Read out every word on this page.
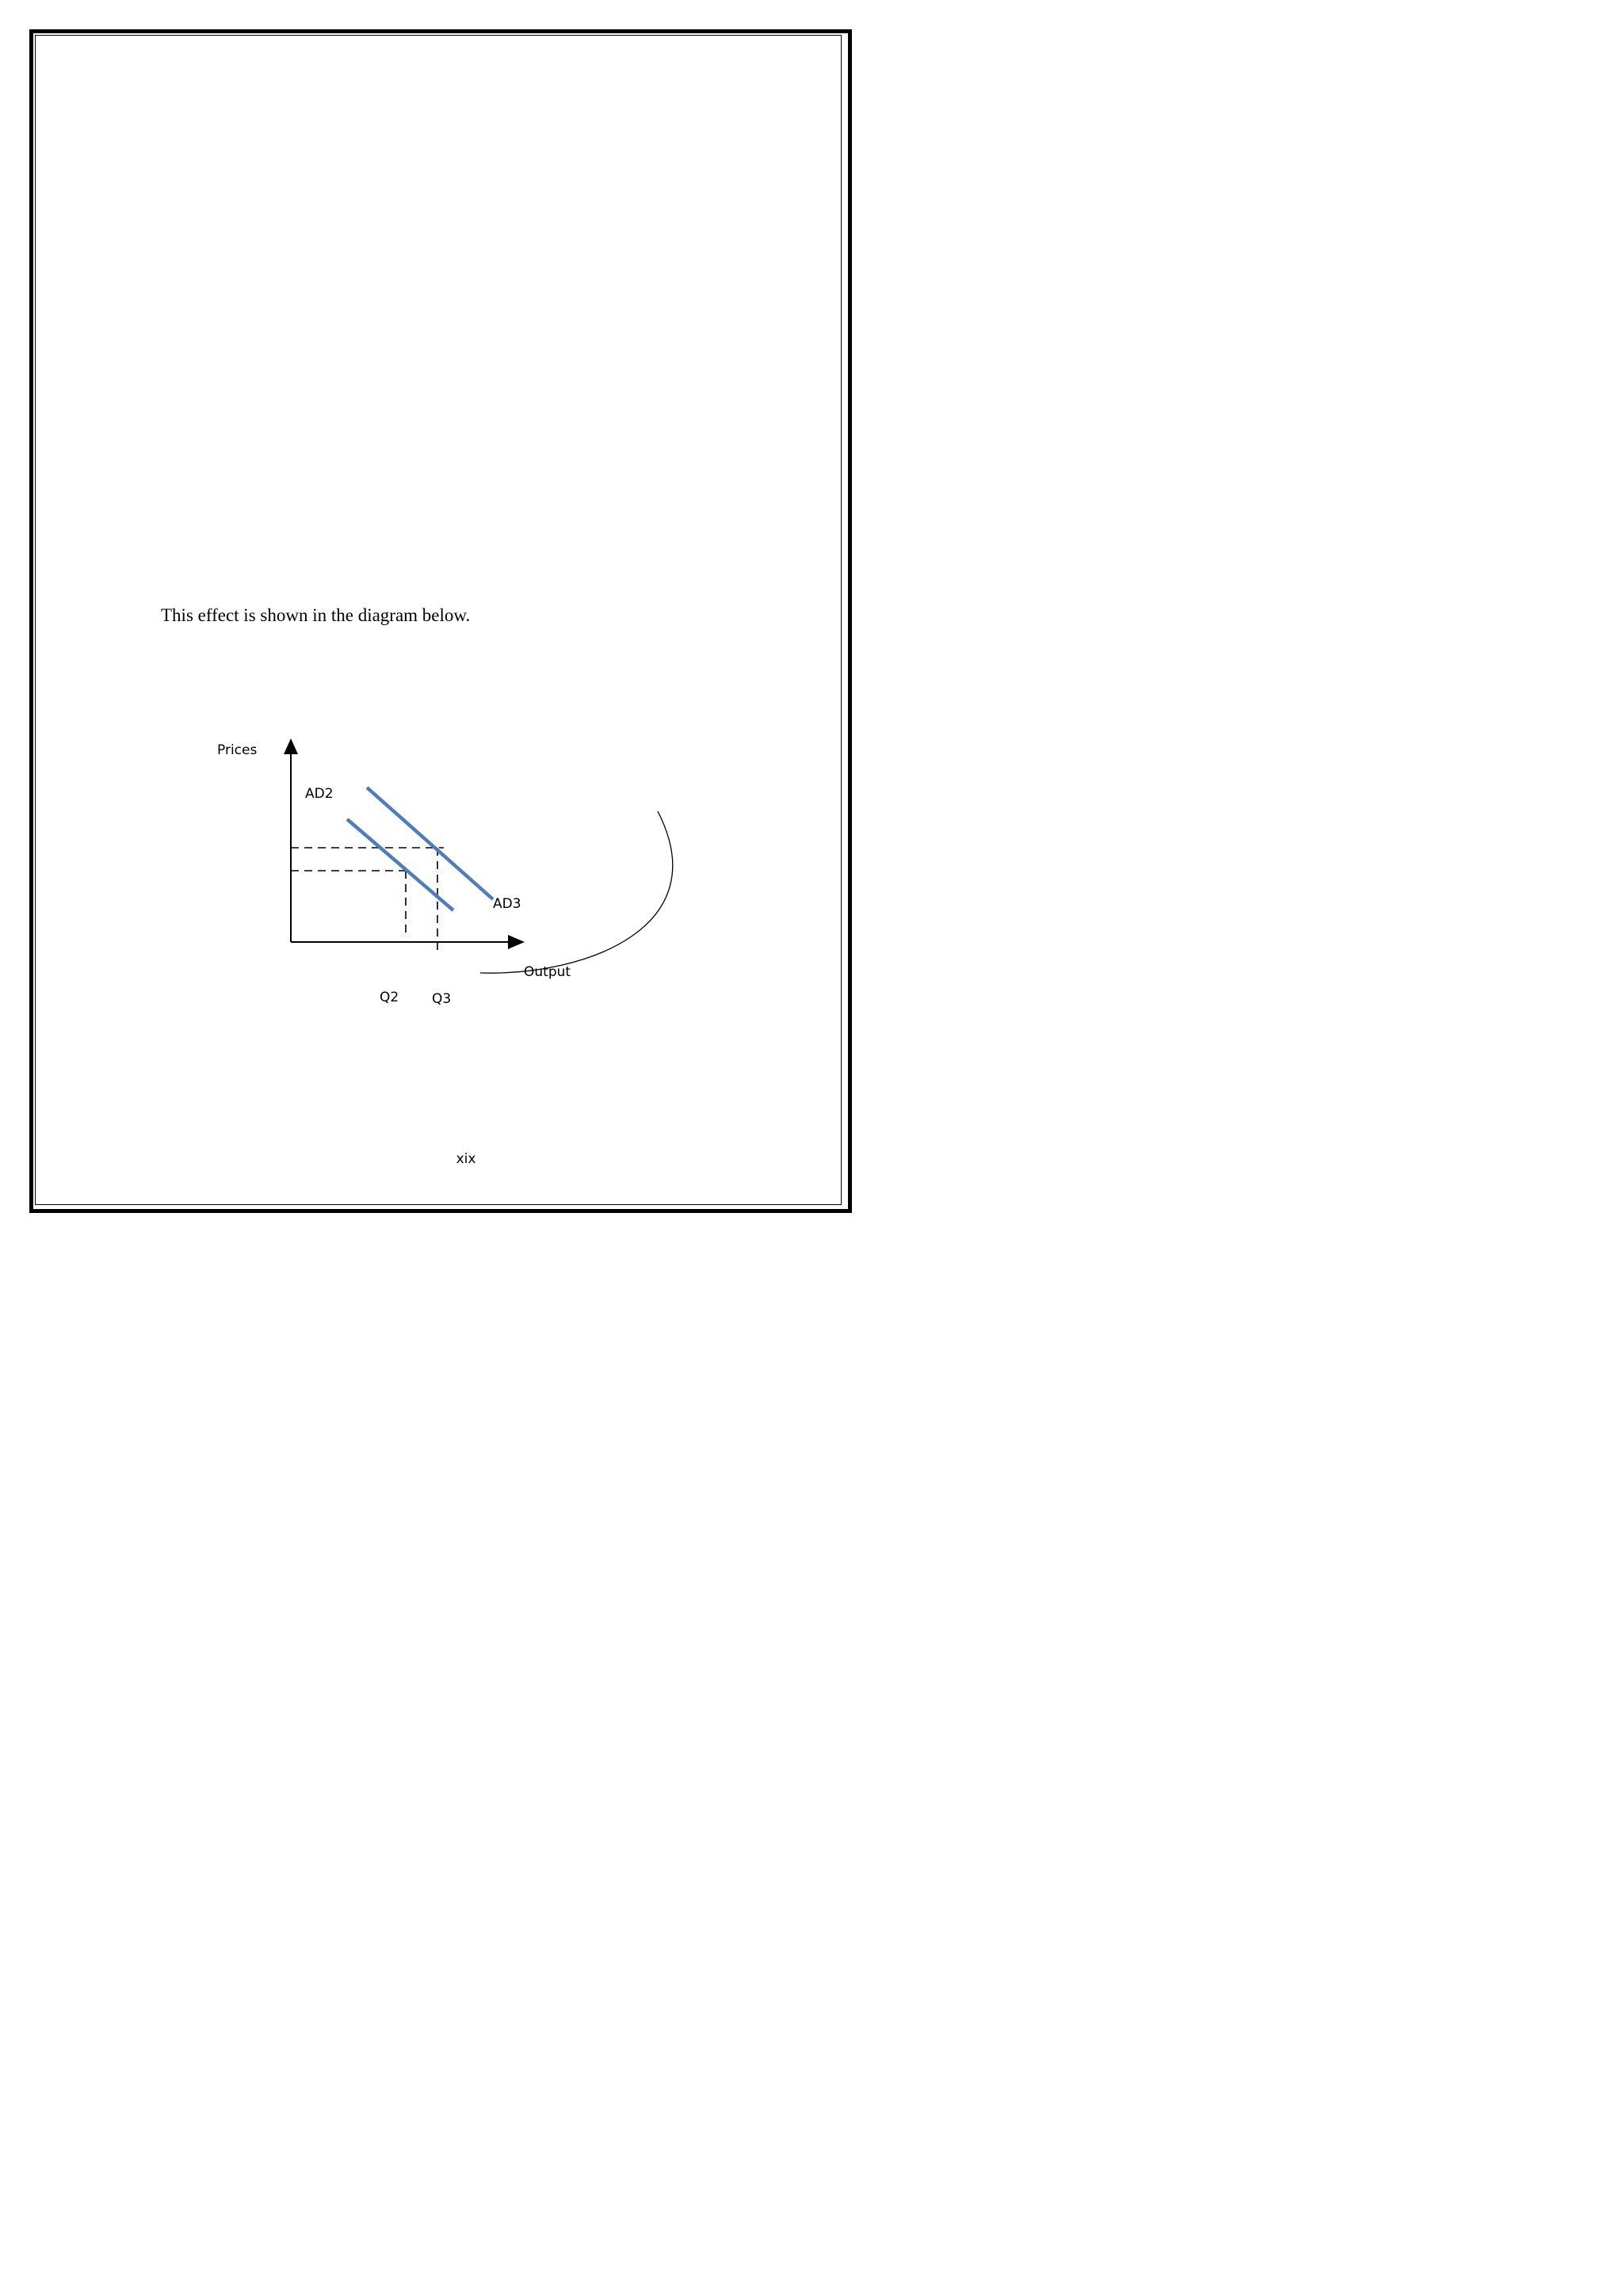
This effect is shown in the diagram below.

Prices
AD2
AD3
Output
Q2 Q3

xix
